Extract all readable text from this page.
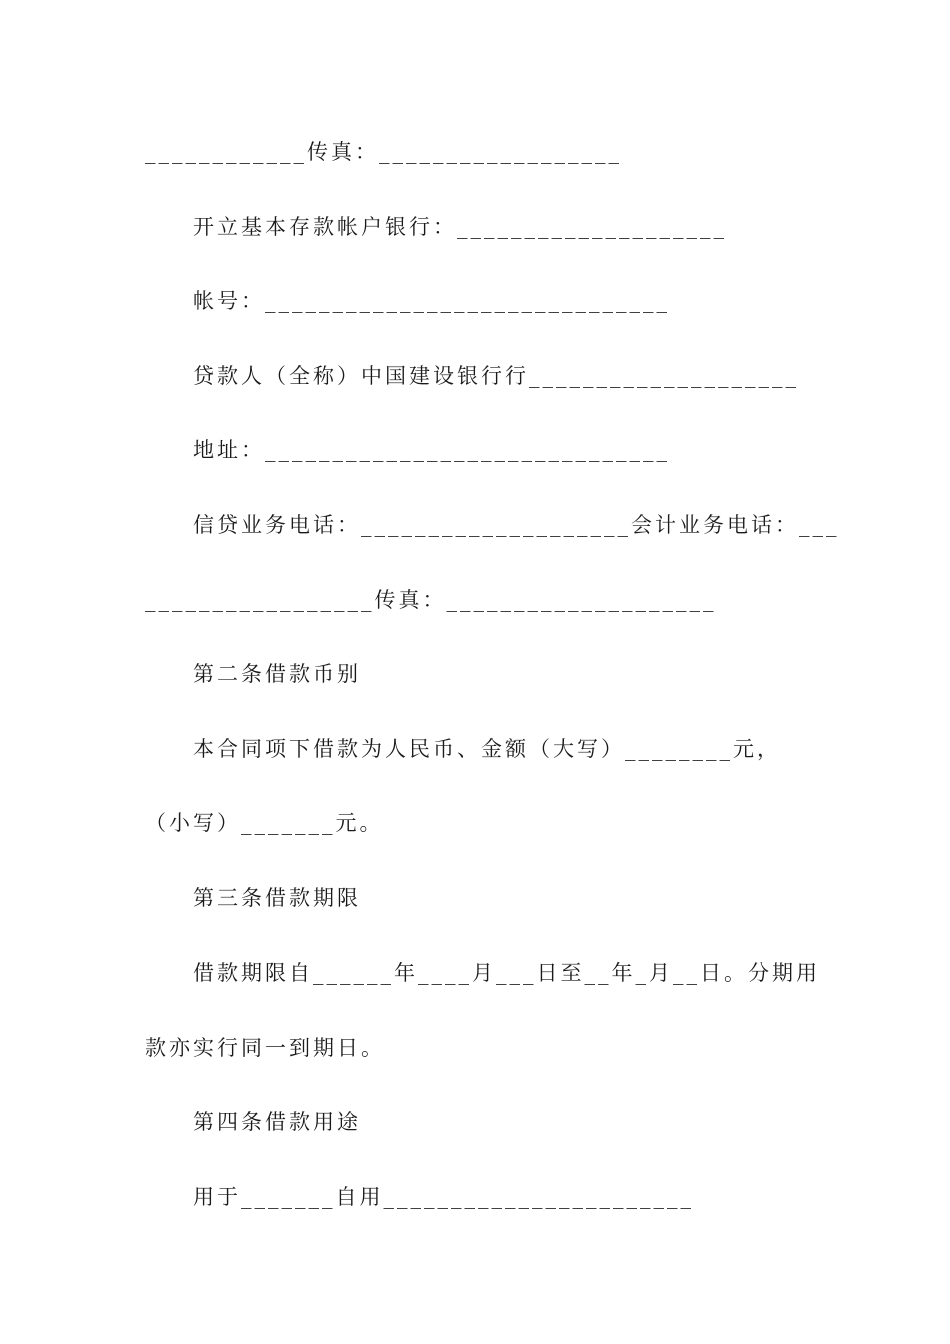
____________传真：__________________
开立基本存款帐户银行：____________________
帐号：______________________________
贷款人（全称）中国建设银行行____________________
地址：______________________________
信贷业务电话：____________________会计业务电话：___
_________________传真：____________________
第二条借款币别
本合同项下借款为人民币、金额（大写）________元，
（小写）_______元。
第三条借款期限
借款期限自______年____月___日至__年_月__日。分期用
款亦实行同一到期日。
第四条借款用途
用于_______自用_______________________
